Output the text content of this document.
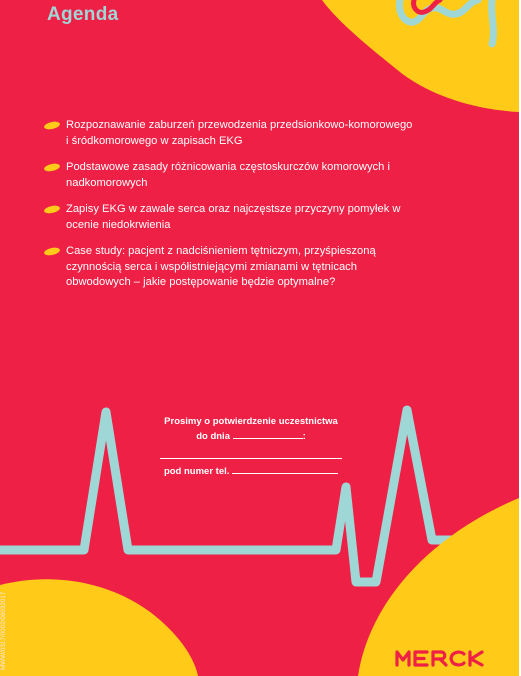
Agenda
Rozpoznawanie zaburzeń przewodzenia przedsionkowo-komorowego i śródkomorowego w zapisach EKG
Podstawowe zasady różnicowania częstoskurczów komorowych i nadkomorowych
Zapisy EKG w zawale serca oraz najczęstsze przyczyny pomyłek w ocenie niedokrwienia
Case study: pacjent z nadciśnieniem tętniczym, przyśpieszoną czynnością serca i współistniejącymi zmianami w tętnicach obwodowych – jakie postępowanie będzie optymalne?
Prosimy o potwierdzenie uczestnictwa
do dnia	:
pod numer tel.
MWW/0317/0002/06032017
